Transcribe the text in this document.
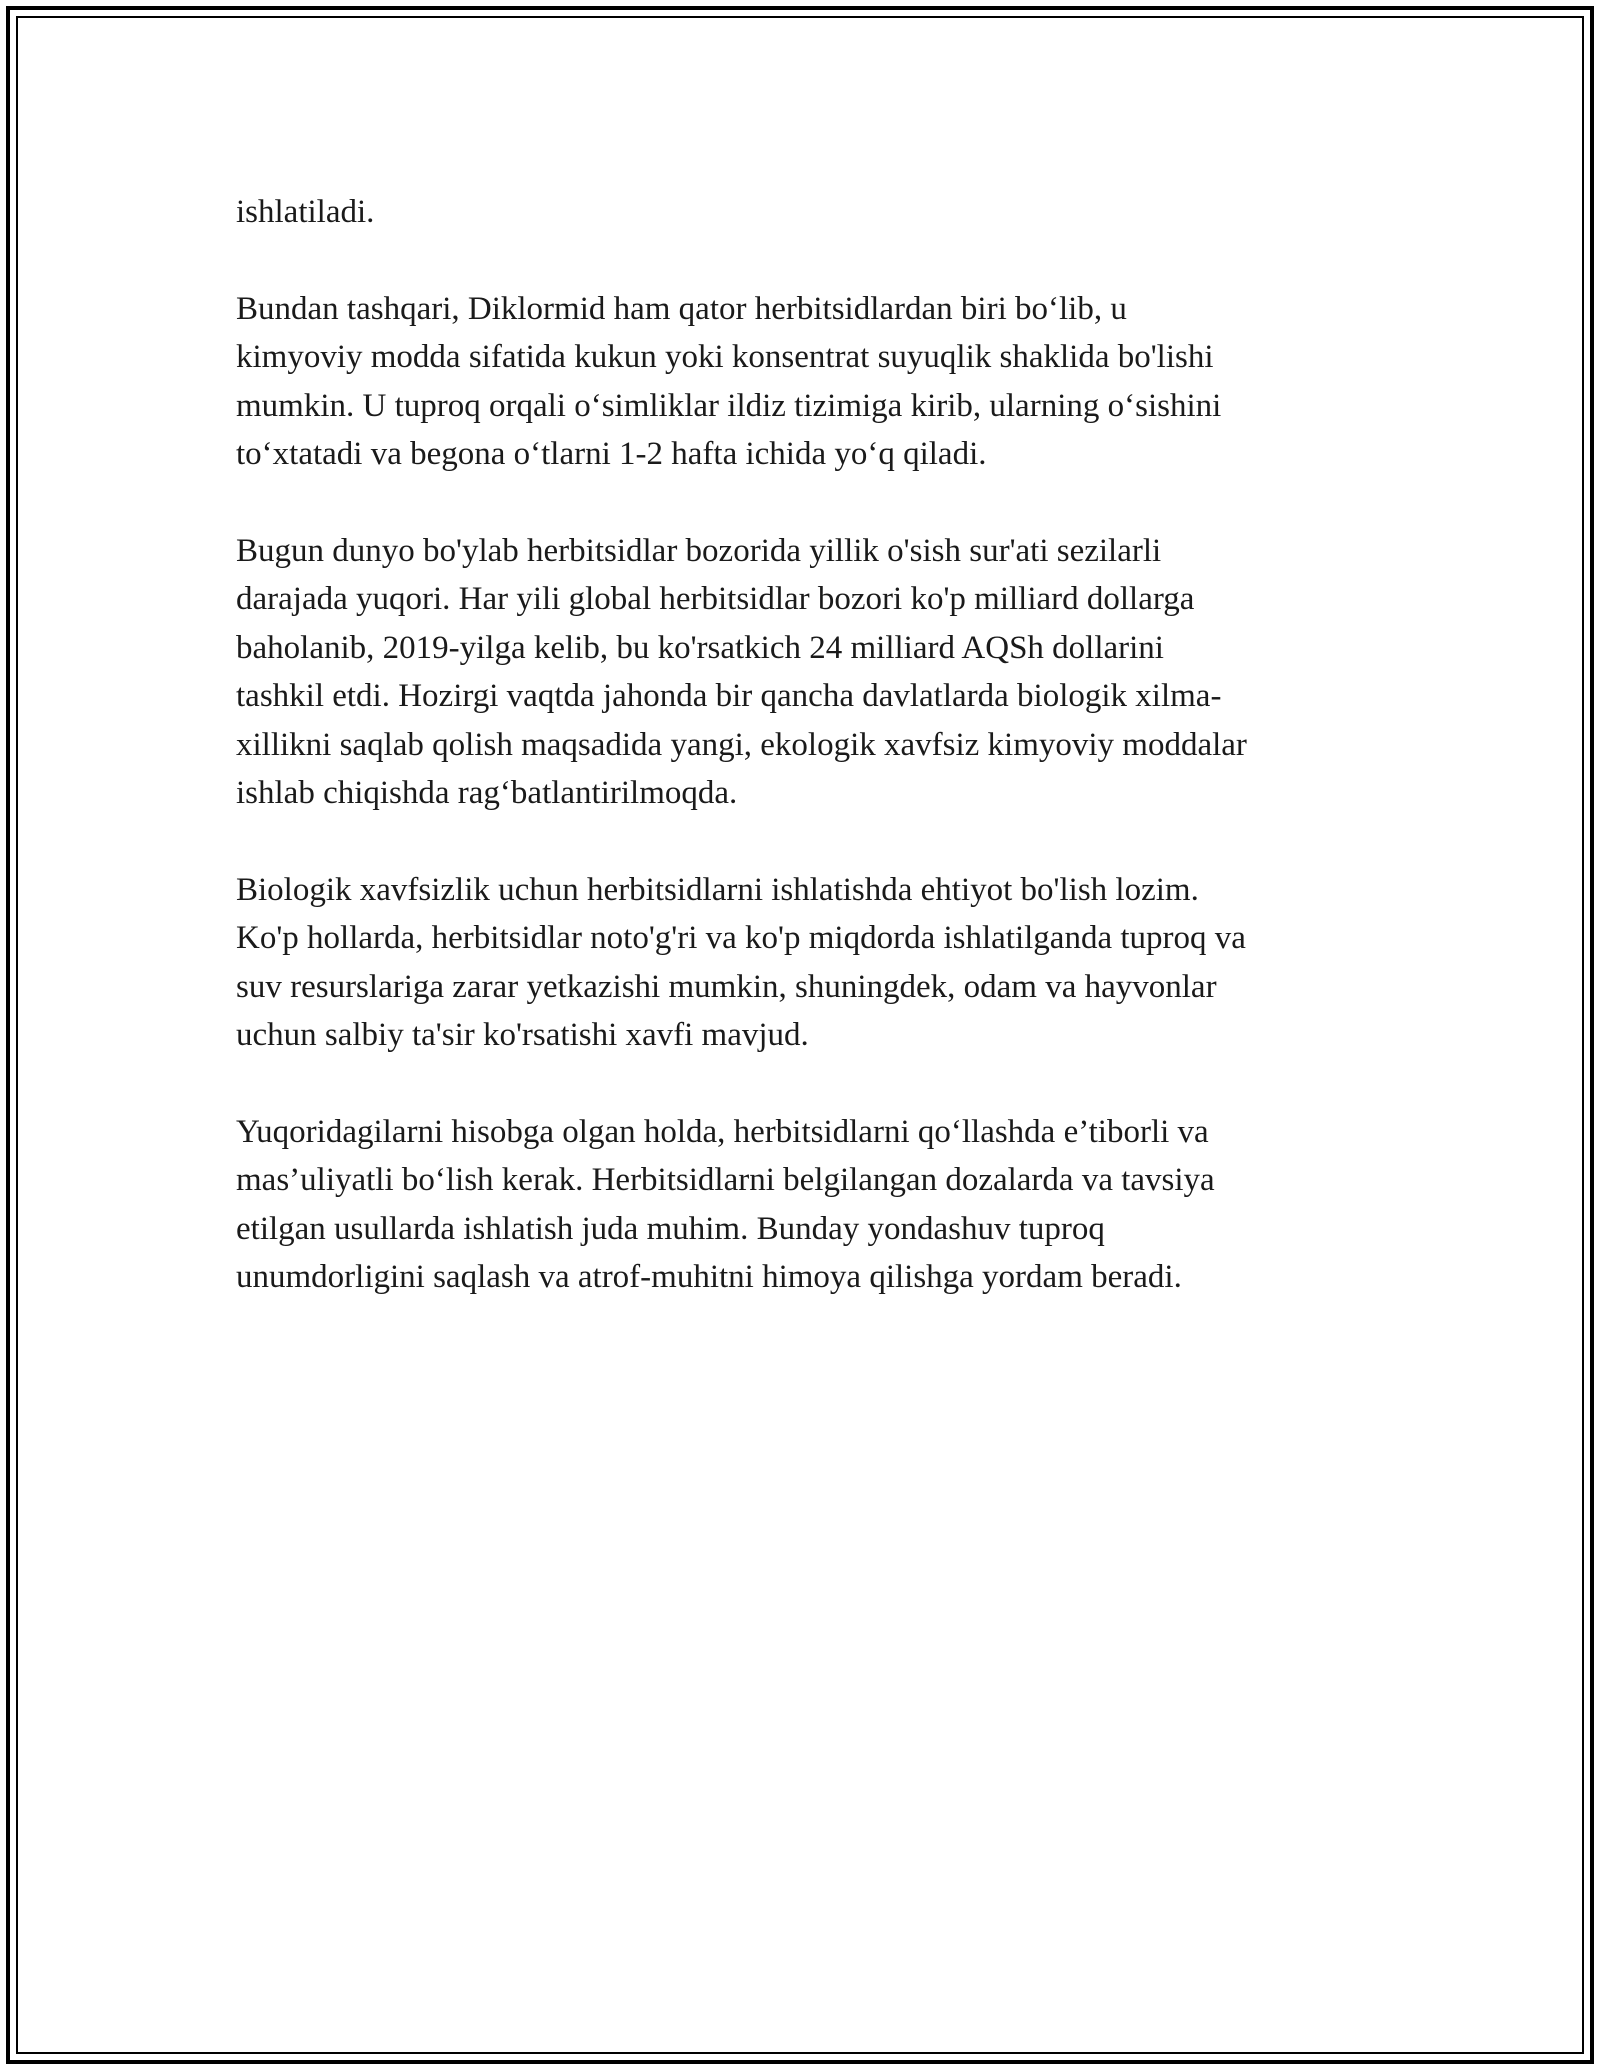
ishlatiladi.

Bundan tashqari, Diklormid ham qator herbitsidlardan biri bo‘lib, u
kimyoviy modda sifatida kukun yoki konsentrat suyuqlik shaklida bo'lishi
mumkin. U tuproq orqali o‘simliklar ildiz tizimiga kirib, ularning o‘sishini
to‘xtatadi va begona o‘tlarni 1-2 hafta ichida yo‘q qiladi.

Bugun dunyo bo'ylab herbitsidlar bozorida yillik o'sish sur'ati sezilarli
darajada yuqori. Har yili global herbitsidlar bozori ko'p milliard dollarga
baholanib, 2019-yilga kelib, bu ko'rsatkich 24 milliard AQSh dollarini
tashkil etdi. Hozirgi vaqtda jahonda bir qancha davlatlarda biologik xilma-
xillikni saqlab qolish maqsadida yangi, ekologik xavfsiz kimyoviy moddalar
ishlab chiqishda rag‘batlantirilmoqda.

Biologik xavfsizlik uchun herbitsidlarni ishlatishda ehtiyot bo'lish lozim.
Ko'p hollarda, herbitsidlar noto'g'ri va ko'p miqdorda ishlatilganda tuproq va
suv resurslariga zarar yetkazishi mumkin, shuningdek, odam va hayvonlar
uchun salbiy ta'sir ko'rsatishi xavfi mavjud.

Yuqoridagilarni hisobga olgan holda, herbitsidlarni qo‘llashda e’tiborli va
mas’uliyatli bo‘lish kerak. Herbitsidlarni belgilangan dozalarda va tavsiya
etilgan usullarda ishlatish juda muhim. Bunday yondashuv tuproq
unumdorligini saqlash va atrof-muhitni himoya qilishga yordam beradi.
